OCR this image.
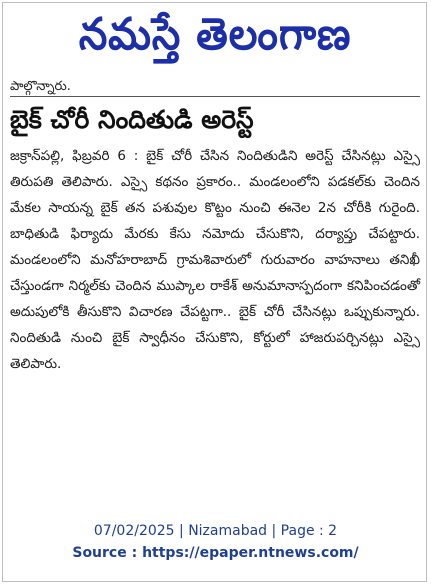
నమస్తే తెలంగాణ

పాల్గొన్నారు.

బైక్‌ చోరీ నిందితుడి అరెస్ట్‌

జక్రాన్‌పల్లి, ఫిబ్రవరి 6 : బైక్‌ చోరీ చేసిన నిందితుడిని అరెస్ట్‌ చేసినట్లు ఎస్సై తిరుపతి తెలిపారు. ఎస్సై కథనం ప్రకారం.. మండలంలోని పడకల్‌కు చెందిన మేకల సాయన్న బైక్‌ తన పశువుల కొట్టం నుంచి ఈనెల 2న చోరీకి గురైంది. బాధితుడి ఫిర్యాదు మేరకు కేసు నమోదు చేసుకొని, దర్యాప్తు చేపట్టారు. మండలంలోని మనోహరాబాద్‌ గ్రామశివారులో గురువారం వాహనాలు తనిఖీ చేస్తుండగా నిర్మల్‌కు చెందిన ముప్కాల రాకేశ్‌ అనుమానాస్పదంగా కనిపించడంతో అదుపులోకి తీసుకొని విచారణ చేపట్టగా.. బైక్‌ చోరీ చేసినట్లు ఒప్పుకున్నారు. నిందితుడి నుంచి బైక్‌ స్వాధీనం చేసుకొని, కోర్టులో హాజరుపర్చినట్లు ఎస్సై తెలిపారు.

07/02/2025 | Nizamabad | Page : 2
Source : https://epaper.ntnews.com/
